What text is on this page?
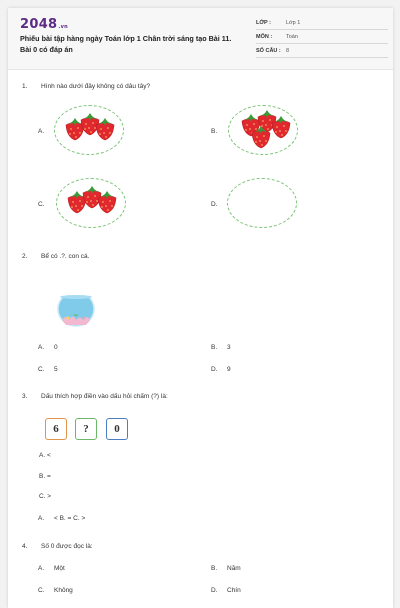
2048.vn
Phiếu bài tập hàng ngày Toán lớp 1 Chân trời sáng tạo Bài 11. Bài 0 có đáp án
LỚP :	Lớp 1
MÔN :	Toán
SỐ CÂU : 8
1. Hình nào dưới đây không có dâu tây?
A.	B.
C.	D.
2. Bể có .?. con cá.
A. 0	B. 3
C. 5	D. 9
3. Dấu thích hợp điền vào dấu hỏi chấm (?) là:
6	?	0
A. <
B. =
C. >
A. < B. = C. >
4. Số 0 được đọc là:
A. Một	B. Năm
C. Không	D. Chín
